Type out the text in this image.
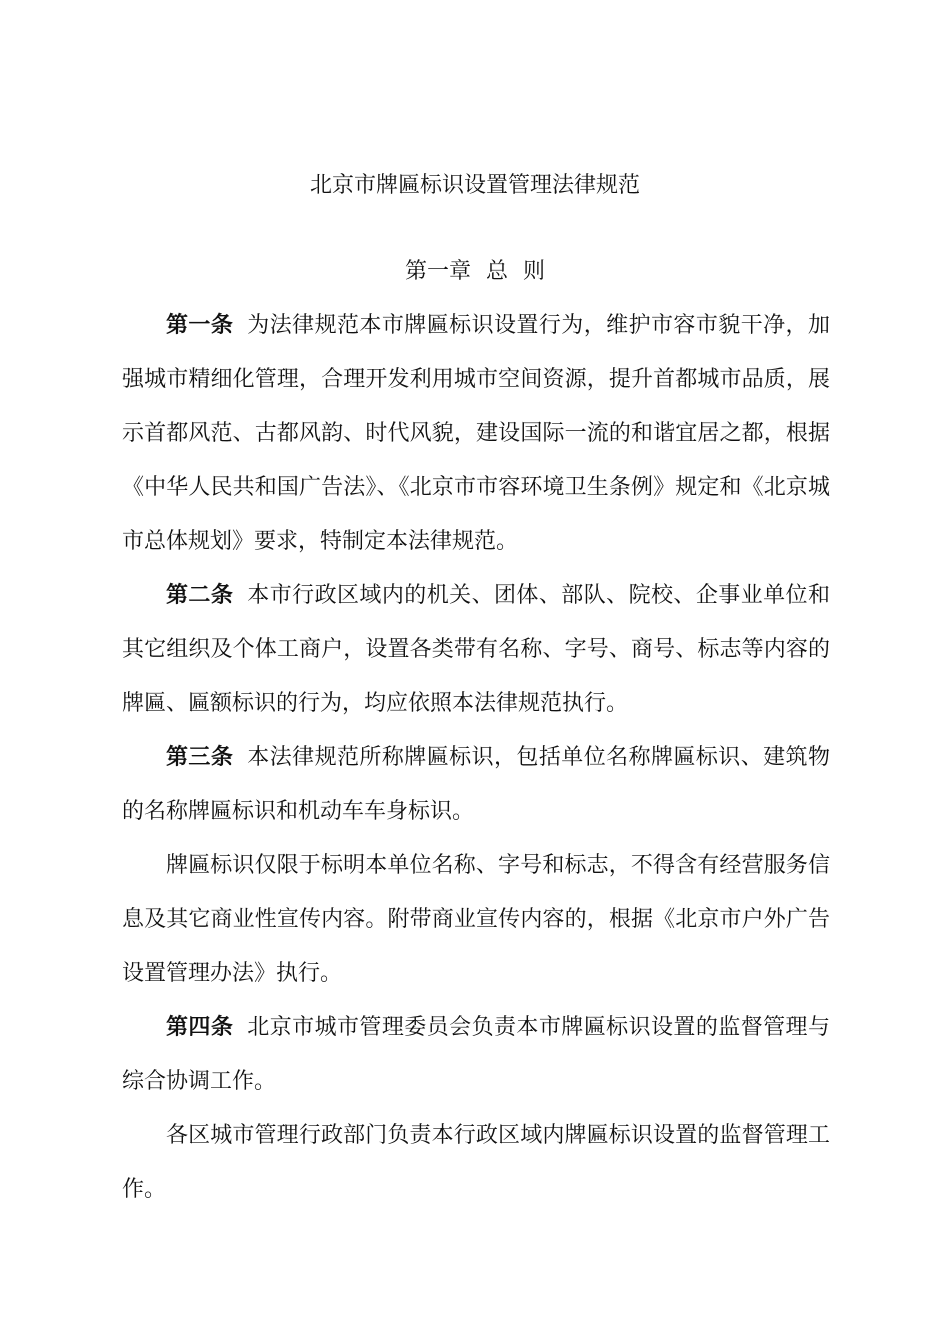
北京市牌匾标识设置管理法律规范
第一章 总 则

第一条 为法律规范本市牌匾标识设置行为，维护市容市貌干净，加强城市精细化管理，合理开发利用城市空间资源，提升首都城市品质，展示首都风范、古都风韵、时代风貌，建设国际一流的和谐宜居之都，根据《中华人民共和国广告法》、《北京市市容环境卫生条例》规定和《北京城市总体规划》要求，特制定本法律规范。

第二条 本市行政区域内的机关、团体、部队、院校、企事业单位和其它组织及个体工商户，设置各类带有名称、字号、商号、标志等内容的牌匾、匾额标识的行为，均应依照本法律规范执行。

第三条 本法律规范所称牌匾标识，包括单位名称牌匾标识、建筑物的名称牌匾标识和机动车车身标识。

牌匾标识仅限于标明本单位名称、字号和标志，不得含有经营服务信息及其它商业性宣传内容。附带商业宣传内容的，根据《北京市户外广告设置管理办法》执行。

第四条 北京市城市管理委员会负责本市牌匾标识设置的监督管理与综合协调工作。

各区城市管理行政部门负责本行政区域内牌匾标识设置的监督管理工作。
